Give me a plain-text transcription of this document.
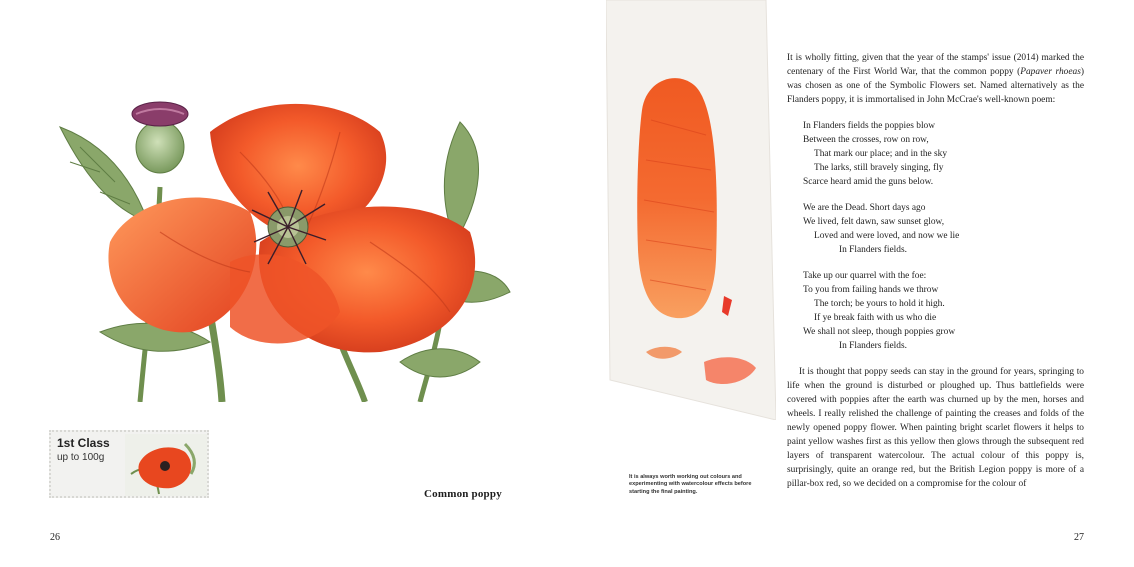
1st Class
up to 100g
Common poppy
26
It is always worth working out colours and experimenting with watercolour effects before starting the final painting.

It is wholly fitting, given that the year of the stamps' issue (2014) marked the centenary of the First World War, that the common poppy (Papaver rhoeas) was chosen as one of the Symbolic Flowers set. Named alternatively as the Flanders poppy, it is immortalised in John McCrae's well-known poem:

In Flanders fields the poppies blow
Between the crosses, row on row,
That mark our place; and in the sky
The larks, still bravely singing, fly
Scarce heard amid the guns below.
We are the Dead. Short days ago
We lived, felt dawn, saw sunset glow,
Loved and were loved, and now we lie
In Flanders fields.
Take up our quarrel with the foe:
To you from failing hands we throw
The torch; be yours to hold it high.
If ye break faith with us who die
We shall not sleep, though poppies grow
In Flanders fields.

It is thought that poppy seeds can stay in the ground for years, springing to life when the ground is disturbed or ploughed up. Thus battlefields were covered with poppies after the earth was churned up by the men, horses and wheels. I really relished the challenge of painting the creases and folds of the newly opened poppy flower. When painting bright scarlet flowers it helps to paint yellow washes first as this yellow then glows through the subsequent red layers of transparent watercolour. The actual colour of this poppy is, surprisingly, quite an orange red, but the British Legion poppy is more of a pillar-box red, so we decided on a compromise for the colour of

27
